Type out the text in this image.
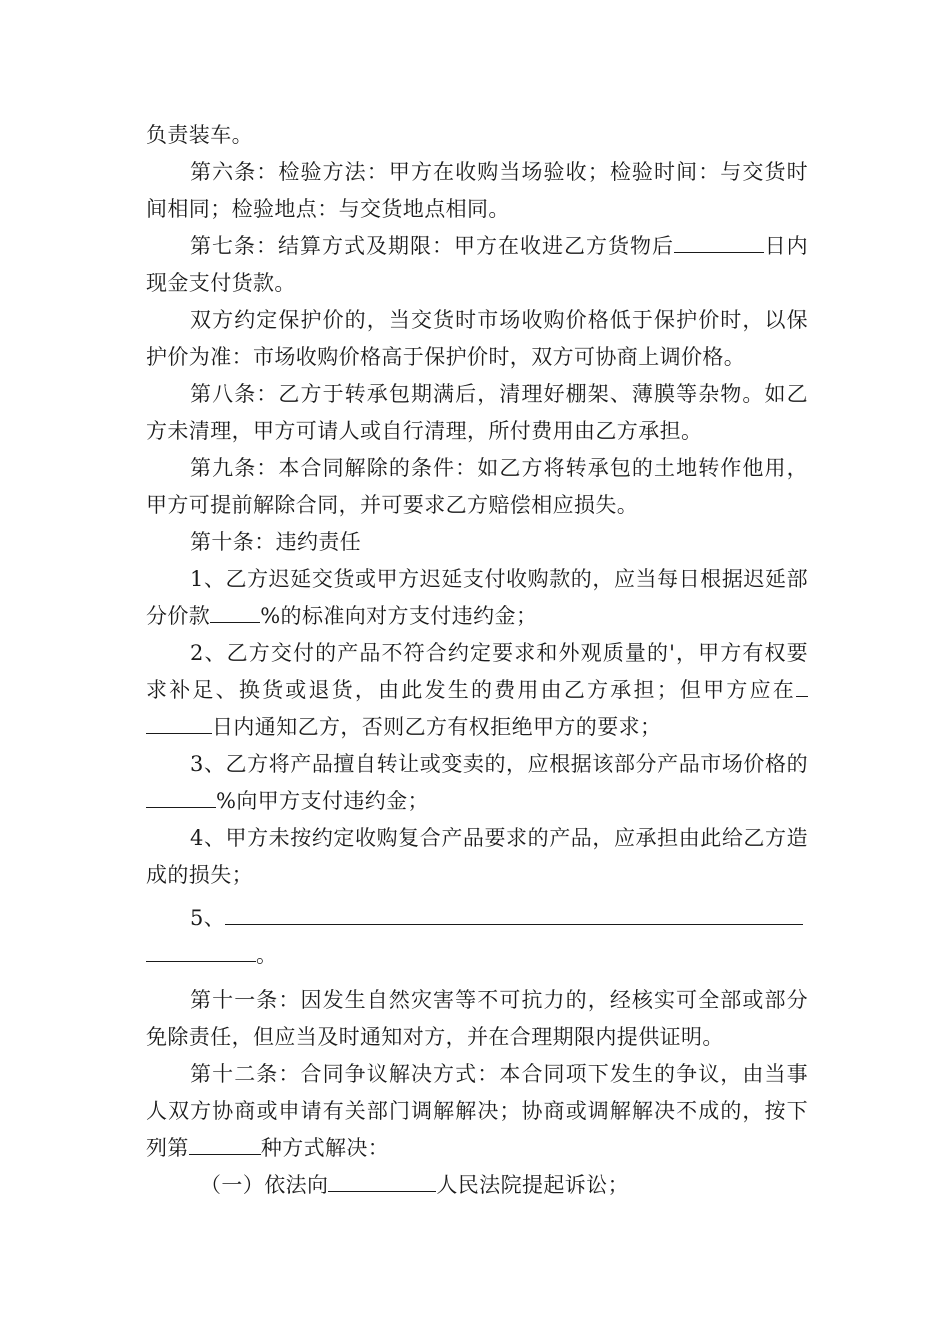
负责装车。

第六条：检验方法：甲方在收购当场验收；检验时间：与交货时间相同；检验地点：与交货地点相同。

第七条：结算方式及期限：甲方在收进乙方货物后	日内现金支付货款。

双方约定保护价的，当交货时市场收购价格低于保护价时，以保护价为准：市场收购价格高于保护价时，双方可协商上调价格。

第八条：乙方于转承包期满后，清理好棚架、薄膜等杂物。如乙方未清理，甲方可请人或自行清理，所付费用由乙方承担。

第九条：本合同解除的条件：如乙方将转承包的土地转作他用，甲方可提前解除合同，并可要求乙方赔偿相应损失。

第十条：违约责任

1、乙方迟延交货或甲方迟延支付收购款的，应当每日根据迟延部分价款 %的标准向对方支付违约金；

2、乙方交付的产品不符合约定要求和外观质量的'，甲方有权要求补足、换货或退货，由此发生的费用由乙方承担；但甲方应在日内通知乙方，否则乙方有权拒绝甲方的要求；

3、乙方将产品擅自转让或变卖的，应根据该部分产品市场价格的%向甲方支付违约金；

4、甲方未按约定收购复合产品要求的产品，应承担由此给乙方造成的损失；

5、
。

第十一条：因发生自然灾害等不可抗力的，经核实可全部或部分免除责任，但应当及时通知对方，并在合理期限内提供证明。

第十二条：合同争议解决方式：本合同项下发生的争议，由当事人双方协商或申请有关部门调解解决；协商或调解解决不成的，按下列第	种方式解决：

（一）依法向	人民法院提起诉讼；
